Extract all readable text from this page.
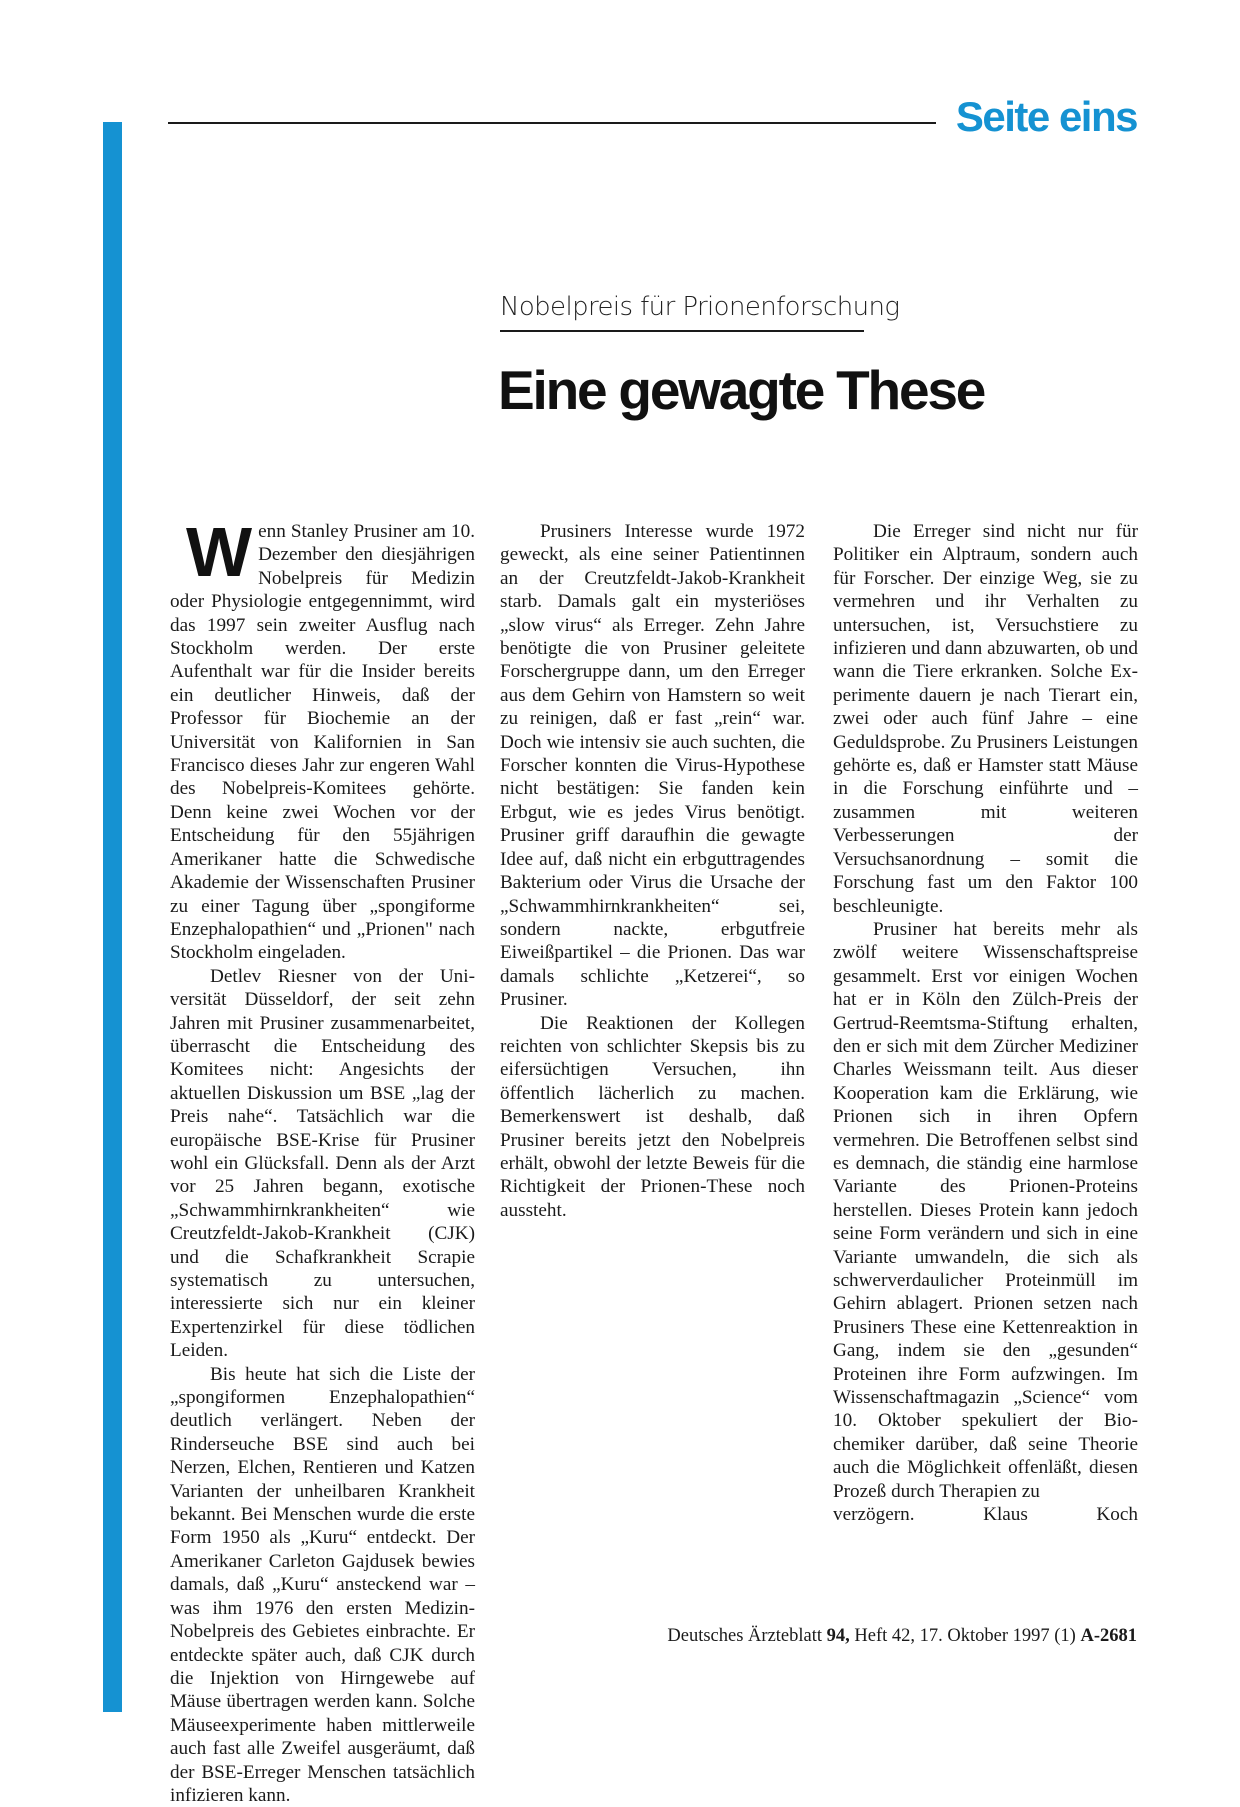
Seite eins
Nobelpreis für Prionenforschung
Eine gewagte These

Wenn Stanley Prusiner am 10. Dezember den diesjährigen Nobelpreis für Medizin oder Physiologie entgegennimmt, wird das 1997 sein zweiter Ausflug nach Stockholm werden. Der erste Aufenthalt war für die Insider bereits ein deutlicher Hinweis, daß der Professor für Biochemie an der Universität von Kalifornien in San Francisco dieses Jahr zur engeren Wahl des Nobelpreis-Komitees gehörte. Denn keine zwei Wochen vor der Entscheidung für den 55jährigen Amerikaner hatte die Schwedische Akademie der Wissenschaften Prusiner zu einer Tagung über „spongiforme Enzephalopathien“ und „Prionen" nach Stockholm eingeladen.

Detlev Riesner von der Universität Düsseldorf, der seit zehn Jahren mit Prusiner zusammenarbeitet, überrascht die Entscheidung des Komitees nicht: Angesichts der aktuellen Diskussion um BSE „lag der Preis nahe“. Tatsächlich war die europäische BSE-Krise für Prusiner wohl ein Glücksfall. Denn als der Arzt vor 25 Jahren begann, exotische „Schwammhirnkrankheiten“ wie Creutzfeldt-Jakob-Krankheit (CJK) und die Schafkrankheit Scrapie systematisch zu untersuchen, interessierte sich nur ein kleiner Expertenzirkel für diese tödlichen Leiden.

Bis heute hat sich die Liste der „spongiformen Enzephalopathien“ deutlich verlängert. Neben der Rinderseuche BSE sind auch bei Nerzen, Elchen, Rentieren und Katzen Varianten der unheilbaren Krankheit bekannt. Bei Menschen wurde die erste Form 1950 als „Kuru“ entdeckt. Der Amerikaner Carleton Gajdusek bewies damals, daß „Kuru“ ansteckend war – was ihm 1976 den ersten Medizin-Nobelpreis des Gebietes einbrachte. Er entdeckte später auch, daß CJK durch die Injektion von Hirngewebe auf Mäuse übertragen werden kann. Solche Mäuseexperimente haben mittlerweile auch fast alle Zweifel ausgeräumt, daß der BSE-Erreger Menschen tatsächlich infizieren kann.

Prusiners Interesse wurde 1972 geweckt, als eine seiner Patientinnen an der Creutzfeldt-Jakob-Krankheit starb. Damals galt ein mysteriöses „slow virus“ als Erreger. Zehn Jahre benötigte die von Prusiner geleitete Forschergruppe dann, um den Erreger aus dem Gehirn von Hamstern so weit zu reinigen, daß er fast „rein“ war. Doch wie intensiv sie auch suchten, die Forscher konnten die Virus-Hypothese nicht bestätigen: Sie fanden kein Erbgut, wie es jedes Virus benötigt. Prusiner griff daraufhin die gewagte Idee auf, daß nicht ein erbguttragendes Bakterium oder Virus die Ursache der „Schwammhirnkrankheiten“ sei, sondern nackte, erbgutfreie Eiweißpartikel – die Prionen. Das war damals schlichte „Ketzerei“, so Prusiner.

Die Reaktionen der Kollegen reichten von schlichter Skepsis bis zu eifersüchtigen Versuchen, ihn öffentlich lächerlich zu machen. Bemerkenswert ist deshalb, daß Prusiner bereits jetzt den Nobelpreis erhält, obwohl der letzte Beweis für die Richtigkeit der Prionen-These noch aussteht.

Die Erreger sind nicht nur für Politiker ein Alptraum, sondern auch für Forscher. Der einzige Weg, sie zu vermehren und ihr Verhalten zu untersuchen, ist, Versuchstiere zu infizieren und dann abzuwarten, ob und wann die Tiere erkranken. Solche Experimente dauern je nach Tierart ein, zwei oder auch fünf Jahre – eine Geduldsprobe. Zu Prusiners Leistungen gehörte es, daß er Hamster statt Mäuse in die Forschung einführte und – zusammen mit weiteren Verbesserungen der Versuchsanordnung – somit die Forschung fast um den Faktor 100 beschleunigte.

Prusiner hat bereits mehr als zwölf weitere Wissenschaftspreise gesammelt. Erst vor einigen Wochen hat er in Köln den Zülch-Preis der Gertrud-Reemtsma-Stiftung erhalten, den er sich mit dem Zürcher Mediziner Charles Weissmann teilt. Aus dieser Kooperation kam die Erklärung, wie Prionen sich in ihren Opfern vermehren. Die Betroffenen selbst sind es demnach, die ständig eine harmlose Variante des Prionen-Proteins herstellen. Dieses Protein kann jedoch seine Form verändern und sich in eine Variante umwandeln, die sich als schwerverdaulicher Proteinmüll im Gehirn ablagert. Prionen setzen nach Prusiners These eine Kettenreaktion in Gang, indem sie den „gesunden“ Proteinen ihre Form aufzwingen. Im Wissenschaftmagazin „Science“ vom 10. Oktober spekuliert der Biochemiker darüber, daß seine Theorie auch die Möglichkeit offenläßt, diesen Prozeß durch Therapien zu

verzögern.	Klaus Koch
Deutsches Ärzteblatt 94, Heft 42, 17. Oktober 1997 (1) A-2681
